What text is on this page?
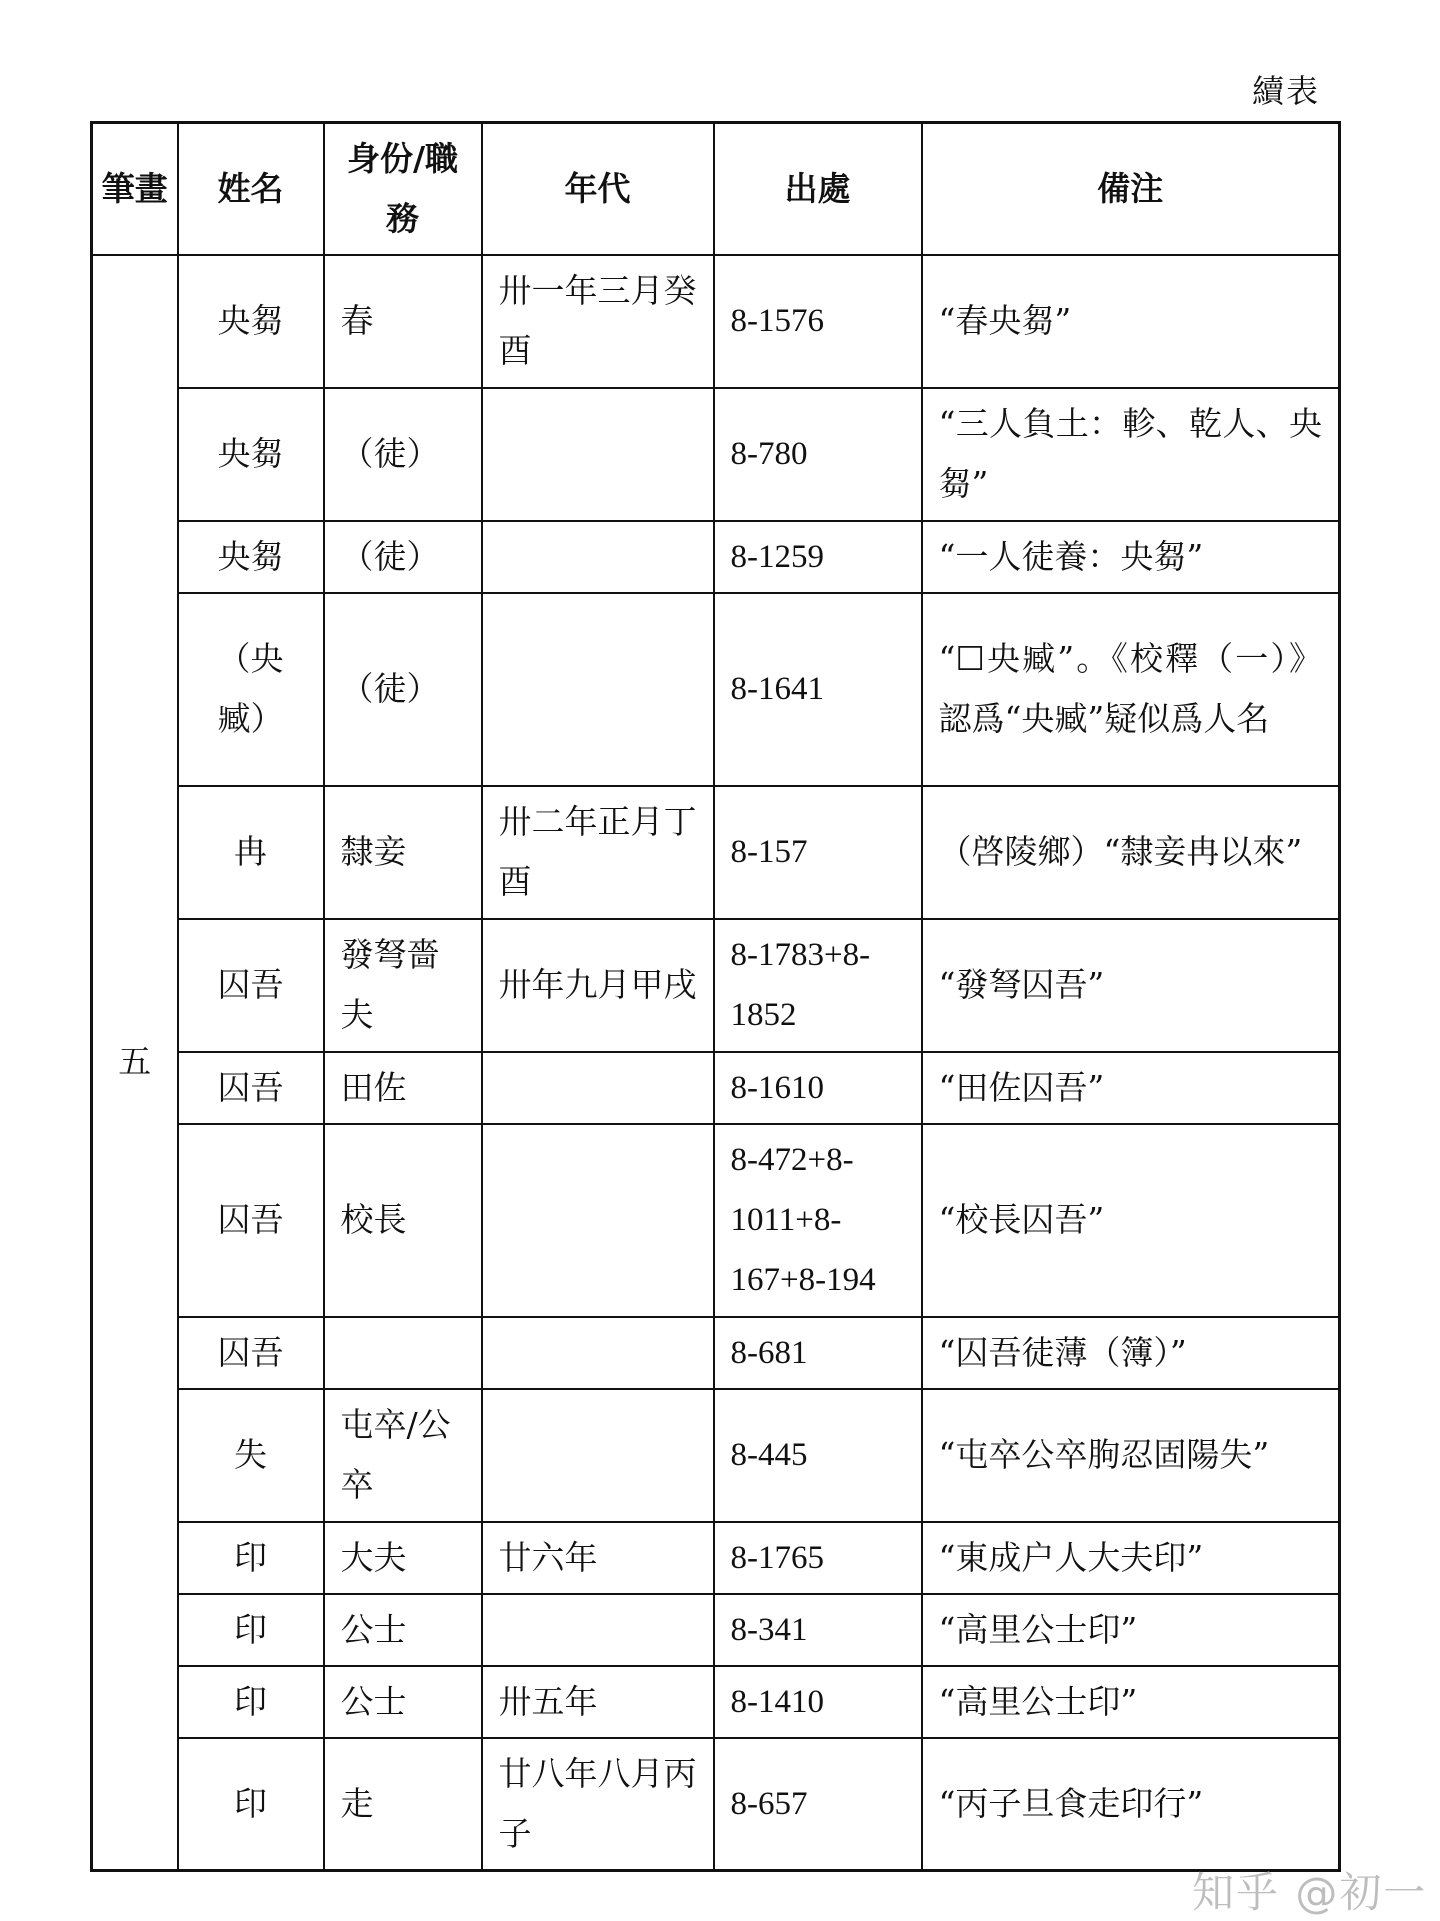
續表
筆畫	姓名	身份/職務	年代	出處	備注
五	央芻	春	卅一年三月癸酉	8-1576	“春央芻”
	央芻	（徒）		8-780	“三人負土：軫、乾人、央芻”
	央芻	（徒）		8-1259	“一人徒養：央芻”
	（央臧）	（徒）		8-1641	“☐央臧”。《校釋（一）》認爲“央臧”疑似爲人名
	冉	隸妾	卅二年正月丁酉	8-157	（啓陵鄉）“隸妾冉以來”
	囚吾	發弩嗇夫	卅年九月甲戌	8-1783+8-1852	“發弩囚吾”
	囚吾	田佐		8-1610	“田佐囚吾”
	囚吾	校長		8-472+8-1011+8-167+8-194	“校長囚吾”
	囚吾			8-681	“囚吾徒薄（簿）”
	失	屯卒/公卒		8-445	“屯卒公卒朐忍固陽失”
	印	大夫	廿六年	8-1765	“東成户人大夫印”
	印	公士		8-341	“高里公士印”
	印	公士	卅五年	8-1410	“高里公士印”
	印	走	廿八年八月丙子	8-657	“丙子旦食走印行”
知乎 @初一
